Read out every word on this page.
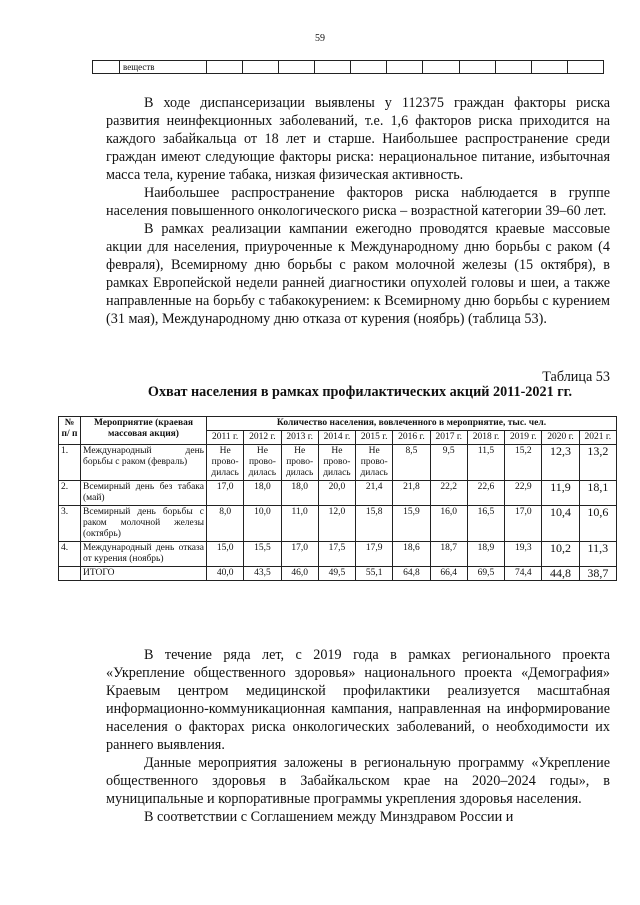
59
	веществ											

В ходе диспансеризации выявлены у 112375 граждан факторы риска развития неинфекционных заболеваний, т.е. 1,6 факторов риска приходится на каждого забайкальца от 18 лет и старше. Наибольшее распространение среди граждан имеют следующие факторы риска: нерациональное питание, избыточная масса тела, курение табака, низкая физическая активность.

Наибольшее распространение факторов риска наблюдается в группе населения повышенного онкологического риска – возрастной категории 39–60 лет.

В рамках реализации кампании ежегодно проводятся краевые массовые акции для населения, приуроченные к Международному дню борьбы с раком (4 февраля), Всемирному дню борьбы с раком молочной железы (15 октября), в рамках Европейской недели ранней диагностики опухолей головы и шеи, а также направленные на борьбу с табакокурением: к Всемирному дню борьбы с курением (31 мая), Международному дню отказа от курения (ноябрь) (таблица 53).

Таблица 53
Охват населения в рамках профилактических акций 2011-2021 гг.
№ п/ п	Мероприятие (краевая массовая акция)	Количество населения, вовлеченного в мероприятие, тыс. чел.										
		2011 г.	2012 г.	2013 г.	2014 г.	2015 г.	2016 г.	2017 г.	2018 г.	2019 г.	2020 г.	2021 г.
1.	Международный день борьбы с раком (февраль)	Не прово-дилась	Не прово-дилась	Не прово-дилась	Не прово-дилась	Не прово-дилась	8,5	9,5	11,5	15,2	12,3	13,2
2.	Всемирный день без табака (май)	17,0	18,0	18,0	20,0	21,4	21,8	22,2	22,6	22,9	11,9	18,1
3.	Всемирный день борьбы с раком молочной железы (октябрь)	8,0	10,0	11,0	12,0	15,8	15,9	16,0	16,5	17,0	10,4	10,6
4.	Международный день отказа от курения (ноябрь)	15,0	15,5	17,0	17,5	17,9	18,6	18,7	18,9	19,3	10,2	11,3
	ИТОГО	40,0	43,5	46,0	49,5	55,1	64,8	66,4	69,5	74,4	44,8	38,7

В течение ряда лет, с 2019 года в рамках регионального проекта «Укрепление общественного здоровья» национального проекта «Демография» Краевым центром медицинской профилактики реализуется масштабная информационно-коммуникационная кампания, направленная на информирование населения о факторах риска онкологических заболеваний, о необходимости их раннего выявления.

Данные мероприятия заложены в региональную программу «Укрепление общественного здоровья в Забайкальском крае на 2020–2024 годы», в муниципальные и корпоративные программы укрепления здоровья населения.

В соответствии с Соглашением между Минздравом России и
